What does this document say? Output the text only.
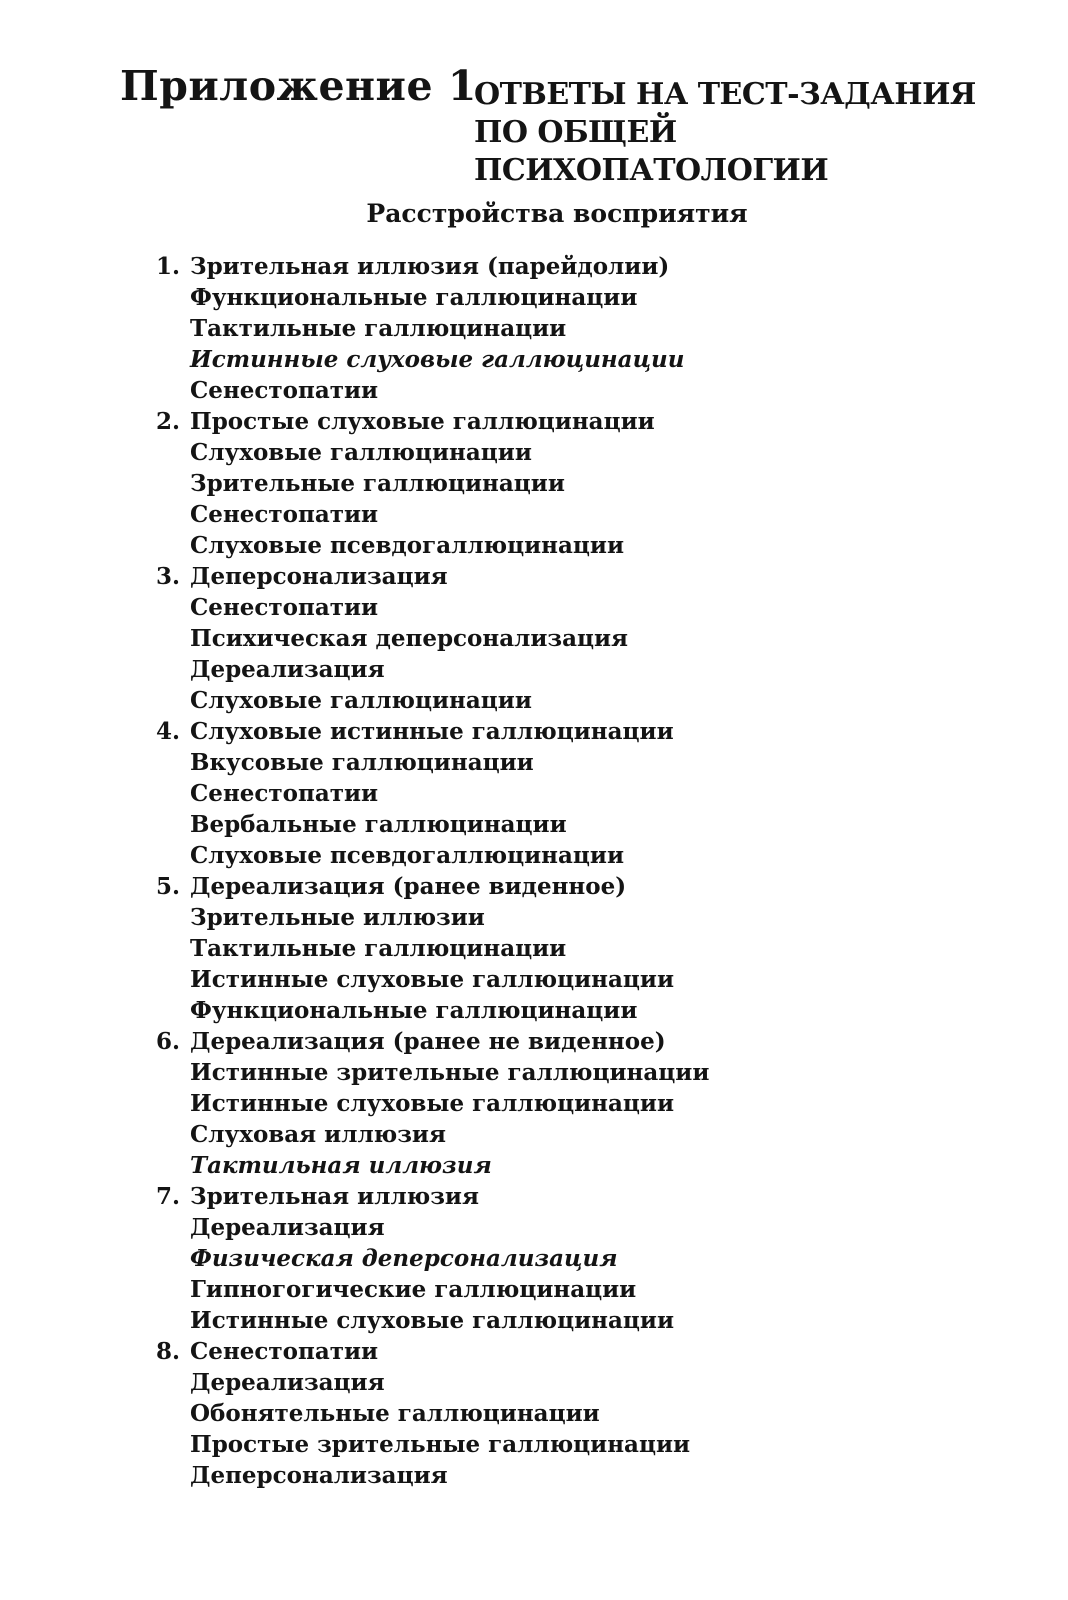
Приложение 1
ОТВЕТЫ НА ТЕСТ-ЗАДАНИЯ
ПО ОБЩЕЙ
ПСИХОПАТОЛОГИИ
Расстройства восприятия
1. Зрительная иллюзия (парейдолии)
Функциональные галлюцинации
Тактильные галлюцинации
Истинные слуховые галлюцинации
Сенестопатии
2. Простые слуховые галлюцинации
Слуховые галлюцинации
Зрительные галлюцинации
Сенестопатии
Слуховые псевдогаллюцинации
3. Деперсонализация
Сенестопатии
Психическая деперсонализация
Дереализация
Слуховые галлюцинации
4. Слуховые истинные галлюцинации
Вкусовые галлюцинации
Сенестопатии
Вербальные галлюцинации
Слуховые псевдогаллюцинации
5. Дереализация (ранее виденное)
Зрительные иллюзии
Тактильные галлюцинации
Истинные слуховые галлюцинации
Функциональные галлюцинации
6. Дереализация (ранее не виденное)
Истинные зрительные галлюцинации
Истинные слуховые галлюцинации
Слуховая иллюзия
Тактильная иллюзия
7. Зрительная иллюзия
Дереализация
Физическая деперсонализация
Гипногогические галлюцинации
Истинные слуховые галлюцинации
8. Сенестопатии
Дереализация
Обонятельные галлюцинации
Простые зрительные галлюцинации
Деперсонализация
